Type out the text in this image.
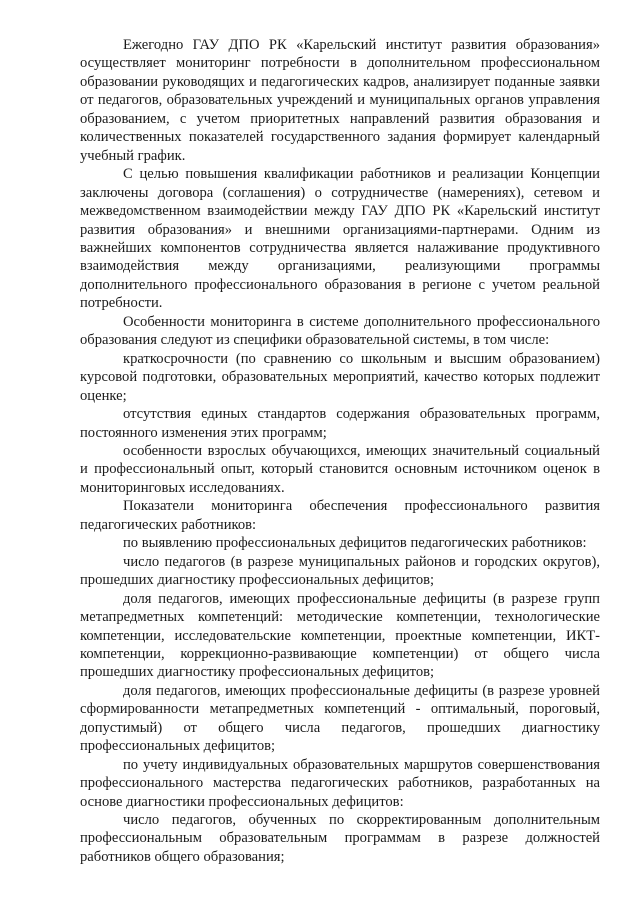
Ежегодно ГАУ ДПО РК «Карельский институт развития образования» осуществляет мониторинг потребности в дополнительном профессиональном образовании руководящих и педагогических кадров, анализирует поданные заявки от педагогов, образовательных учреждений и муниципальных органов управления образованием, с учетом приоритетных направлений развития образования и количественных показателей государственного задания формирует календарный учебный график.

С целью повышения квалификации работников и реализации Концепции заключены договора (соглашения) о сотрудничестве (намерениях), сетевом и межведомственном взаимодействии между ГАУ ДПО РК «Карельский институт развития образования» и внешними организациями-партнерами. Одним из важнейших компонентов сотрудничества является налаживание продуктивного взаимодействия между организациями, реализующими программы дополнительного профессионального образования в регионе с учетом реальной потребности.

Особенности мониторинга в системе дополнительного профессионального образования следуют из специфики образовательной системы, в том числе:

краткосрочности (по сравнению со школьным и высшим образованием) курсовой подготовки, образовательных мероприятий, качество которых подлежит оценке;

отсутствия единых стандартов содержания образовательных программ, постоянного изменения этих программ;

особенности взрослых обучающихся, имеющих значительный социальный и профессиональный опыт, который становится основным источником оценок в мониторинговых исследованиях.

Показатели мониторинга обеспечения профессионального развития педагогических работников:

по выявлению профессиональных дефицитов педагогических работников:

число педагогов (в разрезе муниципальных районов и городских округов), прошедших диагностику профессиональных дефицитов;

доля педагогов, имеющих профессиональные дефициты (в разрезе групп метапредметных компетенций: методические компетенции, технологические компетенции, исследовательские компетенции, проектные компетенции, ИКТ-компетенции, коррекционно-развивающие компетенции) от общего числа прошедших диагностику профессиональных дефицитов;

доля педагогов, имеющих профессиональные дефициты (в разрезе уровней сформированности метапредметных компетенций - оптимальный, пороговый, допустимый) от общего числа педагогов, прошедших диагностику профессиональных дефицитов;

по учету индивидуальных образовательных маршрутов совершенствования профессионального мастерства педагогических работников, разработанных на основе диагностики профессиональных дефицитов:

число педагогов, обученных по скорректированным дополнительным профессиональным образовательным программам в разрезе должностей работников общего образования;
